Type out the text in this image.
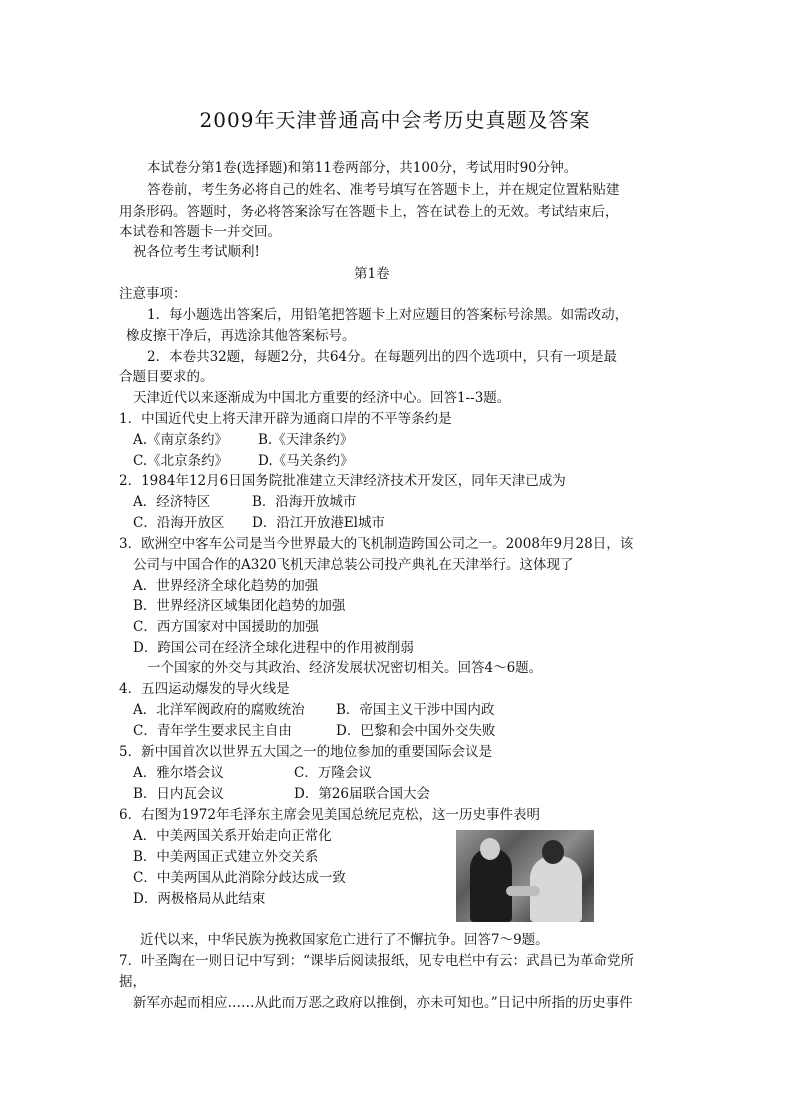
2009年天津普通高中会考历史真题及答案
本试卷分第1卷(选择题)和第11卷两部分，共100分，考试用时90分钟。
答卷前，考生务必将自己的姓名、准考号填写在答题卡上，并在规定位置粘贴建
用条形码。答题时，务必将答案涂写在答题卡上，答在试卷上的无效。考试结束后，
本试卷和答题卡一并交回。
祝各位考生考试顺利!
第1卷
注意事项：
1．每小题选出答案后，用铅笔把答题卡上对应题目的答案标号涂黑。如需改动，
橡皮擦干净后，再选涂其他答案标号。
2．本卷共32题，每题2分，共64分。在每题列出的四个选项中，只有一项是最
合题目要求的。
天津近代以来逐渐成为中国北方重要的经济中心。回答1--3题。
1．中国近代史上将天津开辟为通商口岸的不平等条约是
A.《南京条约》 B.《天津条约》
C.《北京条约》 D.《马关条约》
2．1984年12月6日国务院批准建立天津经济技术开发区，同年天津已成为
A．经济特区	B．沿海开放城市
C．沿海开放区 D．沿江开放港El城市
3．欧洲空中客车公司是当今世界最大的飞机制造跨国公司之一。2008年9月28日，该
公司与中国合作的A320飞机天津总装公司投产典礼在天津举行。这体现了
A．世界经济全球化趋势的加强
B．世界经济区域集团化趋势的加强
C．西方国家对中国援助的加强
D．跨国公司在经济全球化进程中的作用被削弱
一个国家的外交与其政治、经济发展状况密切相关。回答4～6题。
4．五四运动爆发的导火线是
A．北洋军阀政府的腐败统治 B．帝国主义干涉中国内政
C．青年学生要求民主自由	D．巴黎和会中国外交失败
5．新中国首次以世界五大国之一的地位参加的重要国际会议是
A．雅尔塔会议	C．万隆会议
B．日内瓦会议	D．第26届联合国大会
6．右图为1972年毛泽东主席会见美国总统尼克松，这一历史事件表明
A．中美两国关系开始走向正常化
B．中美两国正式建立外交关系
C．中美两国从此消除分歧达成一致
D．两极格局从此结束
近代以来，中华民族为挽救国家危亡进行了不懈抗争。回答7～9题。
7．叶圣陶在一则日记中写到：“课毕后阅读报纸，见专电栏中有云：武昌已为革命党所
据，
新军亦起而相应……从此而万恶之政府以推倒，亦未可知也。”日记中所指的历史事件
